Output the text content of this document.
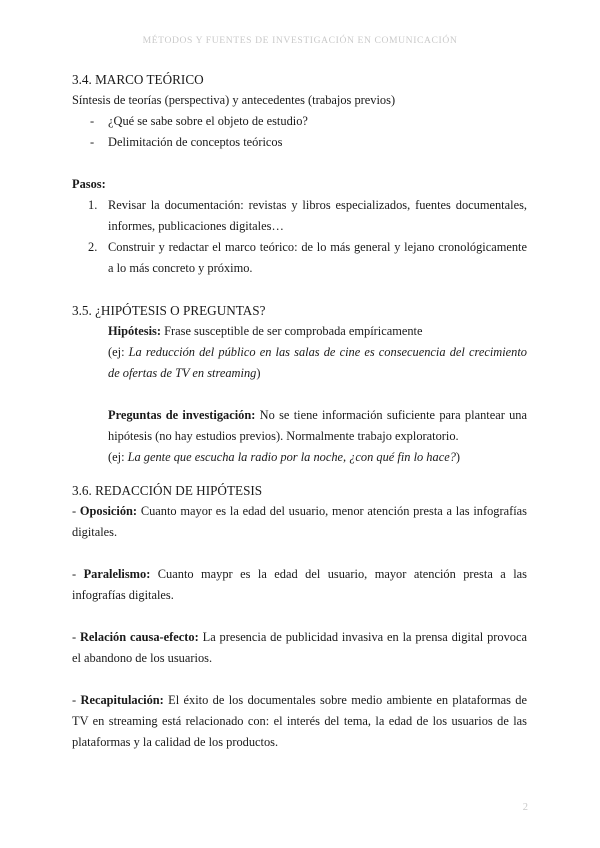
MÉTODOS Y FUENTES DE INVESTIGACIÓN EN COMUNICACIÓN
3.4. MARCO TEÓRICO

Síntesis de teorías (perspectiva) y antecedentes (trabajos previos)

- ¿Qué se sabe sobre el objeto de estudio?
- Delimitación de conceptos teóricos

Pasos:

1. Revisar la documentación: revistas y libros especializados, fuentes documentales, informes, publicaciones digitales…
2. Construir y redactar el marco teórico: de lo más general y lejano cronológicamente a lo más concreto y próximo.
3.5. ¿HIPÓTESIS O PREGUNTAS?

Hipótesis: Frase susceptible de ser comprobada empíricamente

(ej: La reducción del público en las salas de cine es consecuencia del crecimiento de ofertas de TV en streaming)

Preguntas de investigación: No se tiene información suficiente para plantear una hipótesis (no hay estudios previos). Normalmente trabajo exploratorio.

(ej: La gente que escucha la radio por la noche, ¿con qué fin lo hace?)

3.6. REDACCIÓN DE HIPÓTESIS

- Oposición: Cuanto mayor es la edad del usuario, menor atención presta a las infografías digitales.

- Paralelismo: Cuanto maypr es la edad del usuario, mayor atención presta a las infografías digitales.

- Relación causa-efecto: La presencia de publicidad invasiva en la prensa digital provoca el abandono de los usuarios.

- Recapitulación: El éxito de los documentales sobre medio ambiente en plataformas de TV en streaming está relacionado con: el interés del tema, la edad de los usuarios de las plataformas y la calidad de los productos.

2
